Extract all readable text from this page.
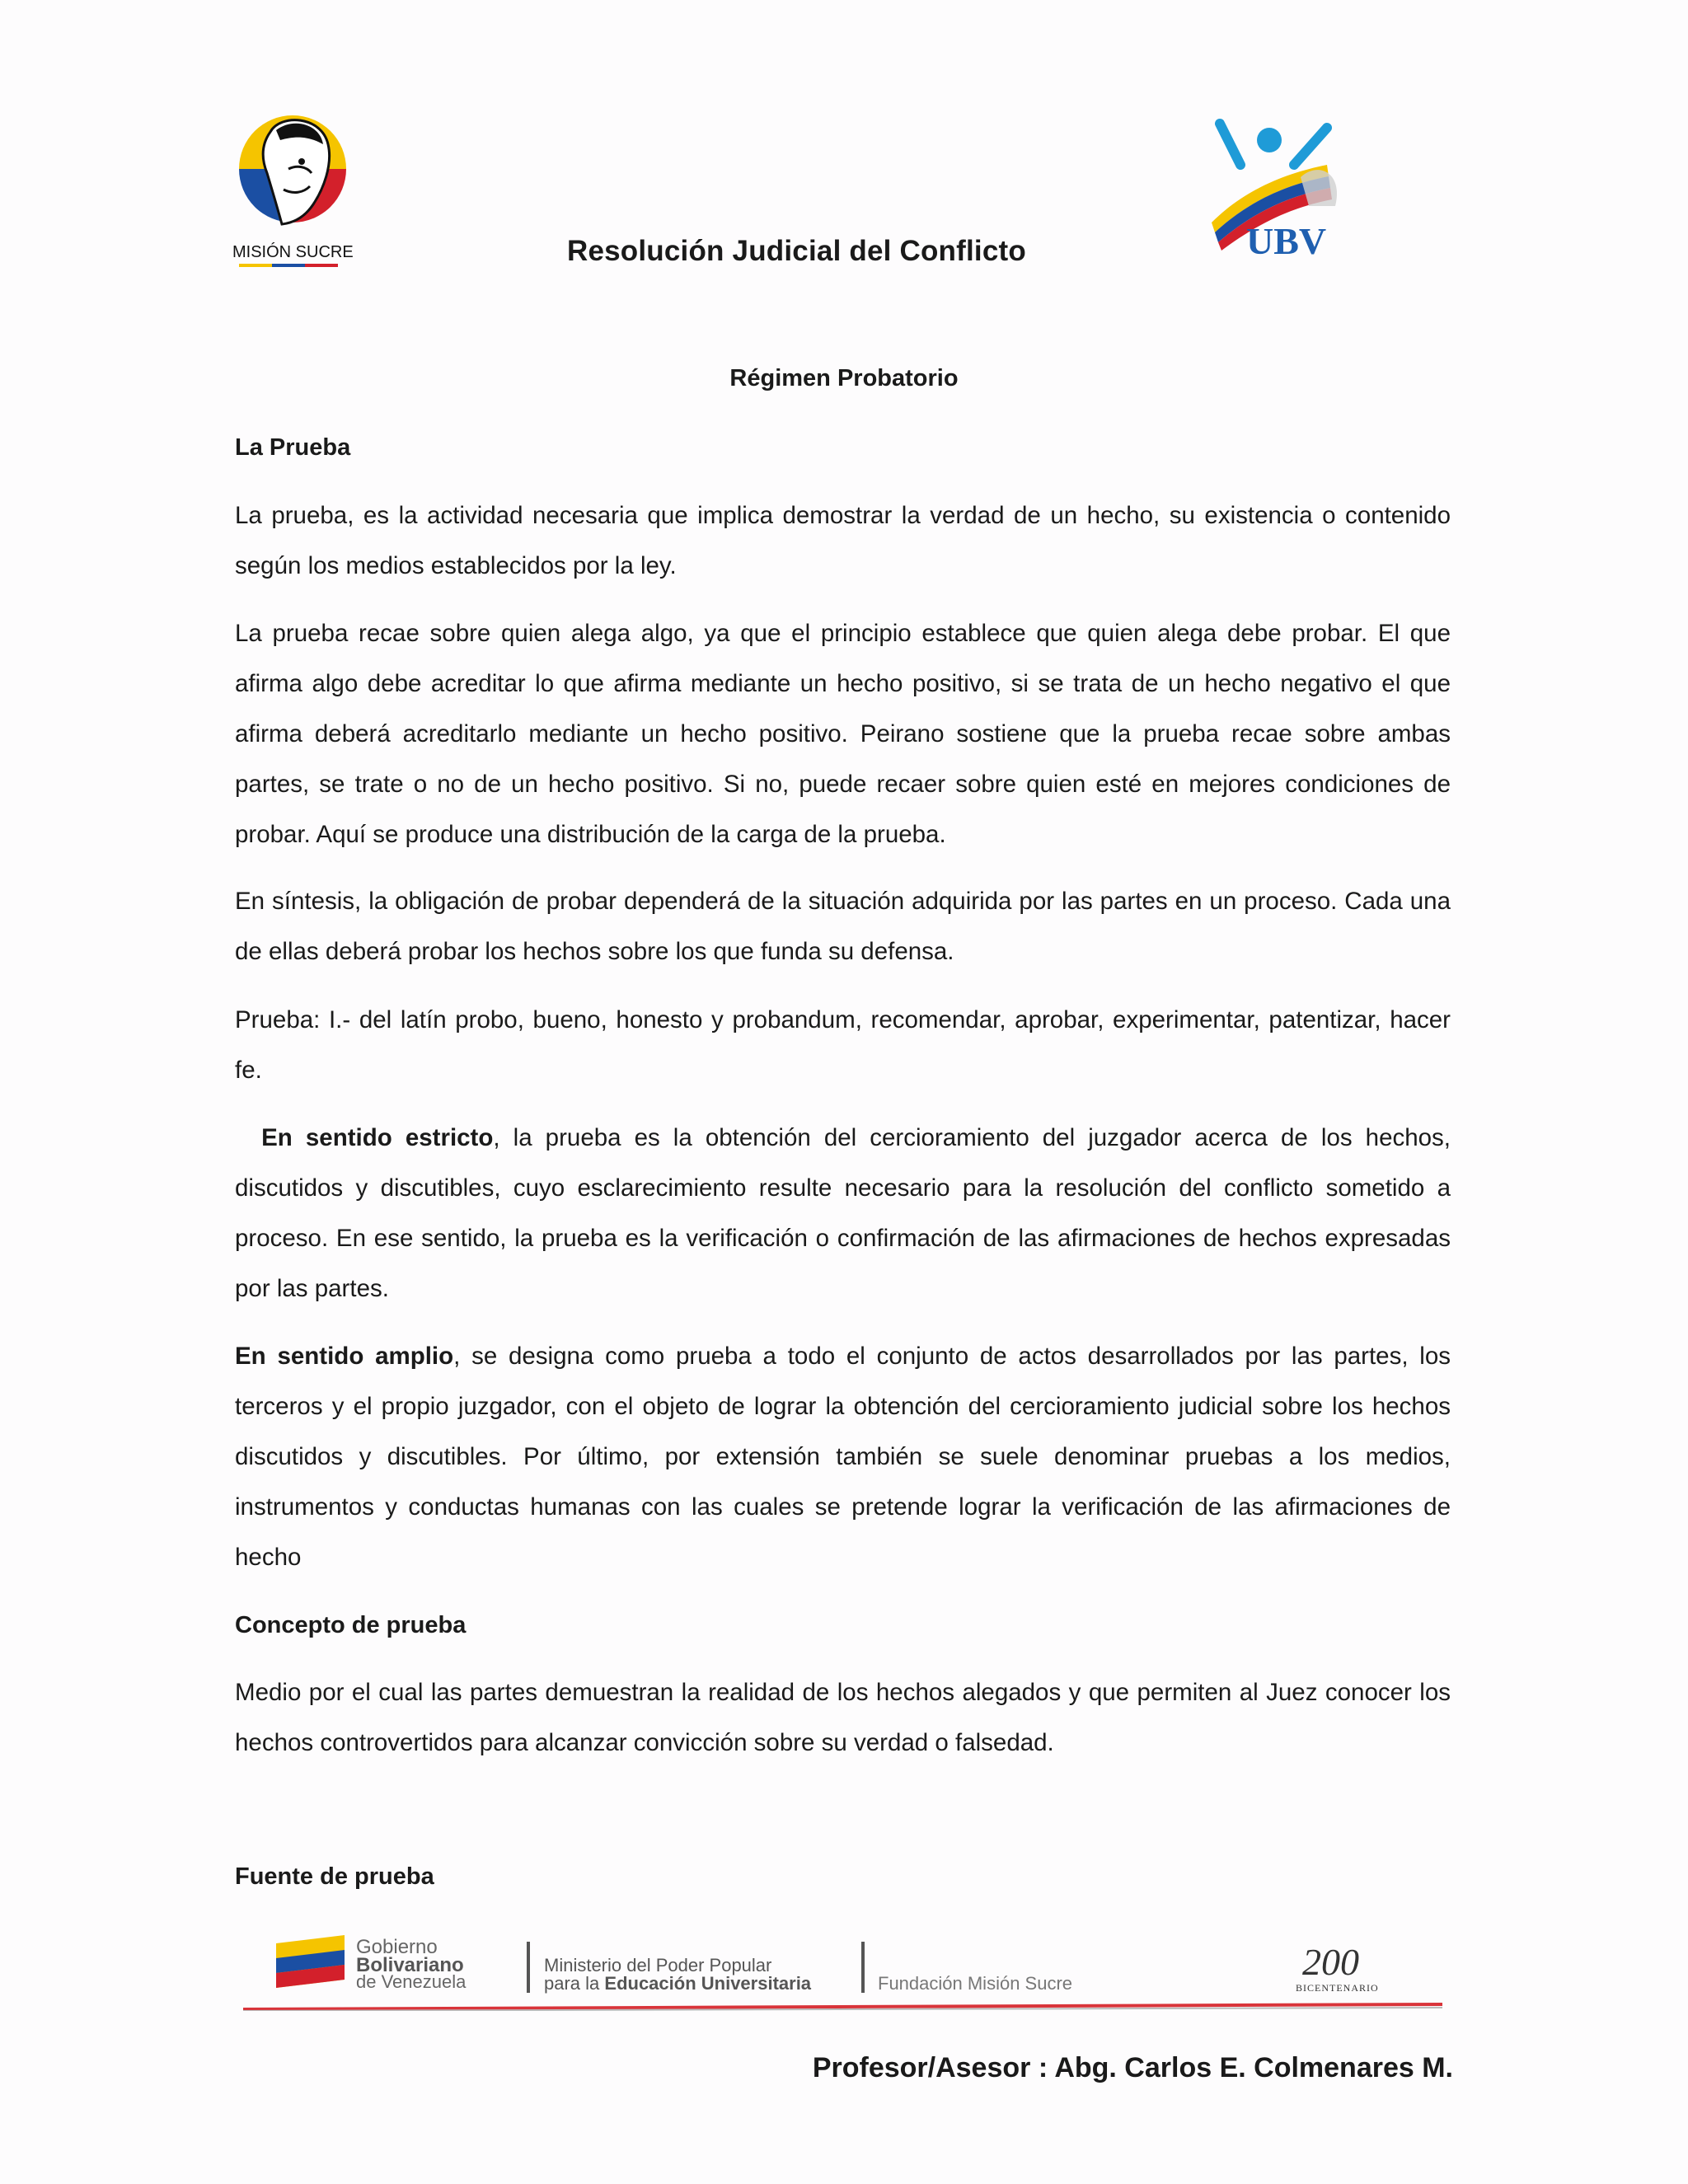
MISIÓN SUCRE	UBV
Resolución Judicial del Conflicto
Régimen Probatorio
La Prueba
La prueba, es la actividad necesaria que implica demostrar la verdad de un hecho, su existencia o contenido según los medios establecidos por la ley.
La prueba recae sobre quien alega algo, ya que el principio establece que quien alega debe probar. El que afirma algo debe acreditar lo que afirma mediante un hecho positivo, si se trata de un hecho negativo el que afirma deberá acreditarlo mediante un hecho positivo. Peirano sostiene que la prueba recae sobre ambas partes, se trate o no de un hecho positivo. Si no, puede recaer sobre quien esté en mejores condiciones de probar. Aquí se produce una distribución de la carga de la prueba.
En síntesis, la obligación de probar dependerá de la situación adquirida por las partes en un proceso. Cada una de ellas deberá probar los hechos sobre los que funda su defensa.
Prueba: I.- del latín probo, bueno, honesto y probandum, recomendar, aprobar, experimentar, patentizar, hacer fe.
En sentido estricto, la prueba es la obtención del cercioramiento del juzgador acerca de los hechos, discutidos y discutibles, cuyo esclarecimiento resulte necesario para la resolución del conflicto sometido a proceso. En ese sentido, la prueba es la verificación o confirmación de las afirmaciones de hechos expresadas por las partes.
En sentido amplio, se designa como prueba a todo el conjunto de actos desarrollados por las partes, los terceros y el propio juzgador, con el objeto de lograr la obtención del cercioramiento judicial sobre los hechos discutidos y discutibles. Por último, por extensión también se suele denominar pruebas a los medios, instrumentos y conductas humanas con las cuales se pretende lograr la verificación de las afirmaciones de hecho
Concepto de prueba
Medio por el cual las partes demuestran la realidad de los hechos alegados y que permiten al Juez conocer los hechos controvertidos para alcanzar convicción sobre su verdad o falsedad.
Fuente de prueba
Gobierno
Bolivariano
de Venezuela
Ministerio del Poder Popular
para la Educación Universitaria	Fundación Misión Sucre
200
BICENTENARIO
Profesor/Asesor : Abg. Carlos E. Colmenares M.
